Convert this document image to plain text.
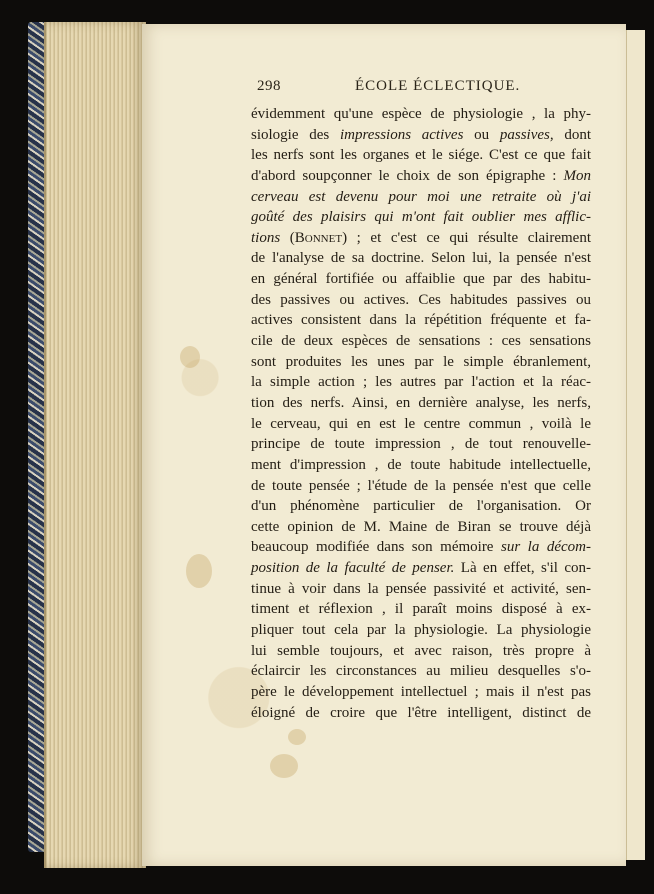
298	ÉCOLE ÉCLECTIQUE.
évidemment qu'une espèce de physiologie , la phy-
siologie des impressions actives ou passives, dont
les nerfs sont les organes et le siége. C'est ce que fait
d'abord soupçonner le choix de son épigraphe : Mon
cerveau est devenu pour moi une retraite où j'ai
goûté des plaisirs qui m'ont fait oublier mes afflic-
tions (Bonnet) ; et c'est ce qui résulte clairement
de l'analyse de sa doctrine. Selon lui, la pensée n'est
en général fortifiée ou affaiblie que par des habitu-
des passives ou actives. Ces habitudes passives ou
actives consistent dans la répétition fréquente et fa-
cile de deux espèces de sensations : ces sensations
sont produites les unes par le simple ébranlement,
la simple action ; les autres par l'action et la réac-
tion des nerfs. Ainsi, en dernière analyse, les nerfs,
le cerveau, qui en est le centre commun , voilà le
principe de toute impression , de tout renouvelle-
ment d'impression , de toute habitude intellectuelle,
de toute pensée ; l'étude de la pensée n'est que celle
d'un phénomène particulier de l'organisation. Or
cette opinion de M. Maine de Biran se trouve déjà
beaucoup modifiée dans son mémoire sur la décom-
position de la faculté de penser. Là en effet, s'il con-
tinue à voir dans la pensée passivité et activité, sen-
timent et réflexion , il paraît moins disposé à ex-
pliquer tout cela par la physiologie. La physiologie
lui semble toujours, et avec raison, très propre à
éclaircir les circonstances au milieu desquelles s'o-
père le développement intellectuel ; mais il n'est pas
éloigné de croire que l'être intelligent, distinct de
